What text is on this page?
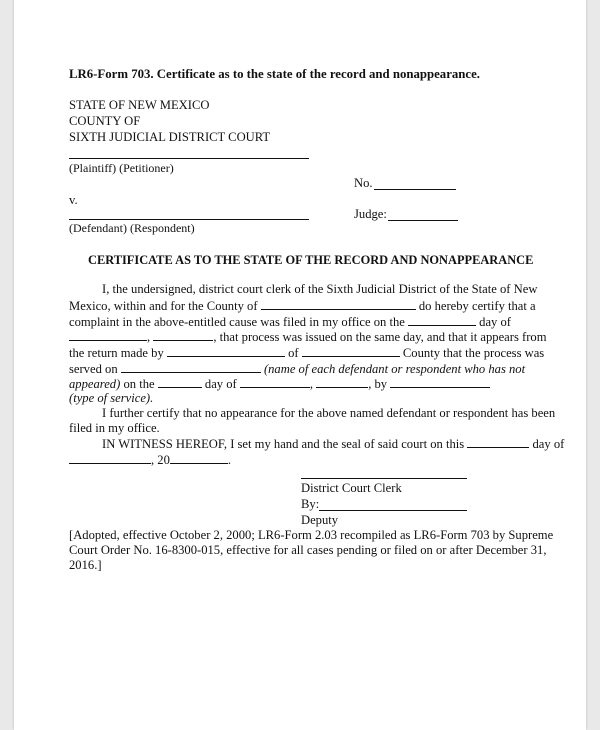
LR6-Form 703. Certificate as to the state of the record and nonappearance.
STATE OF NEW MEXICO
COUNTY OF
SIXTH JUDICIAL DISTRICT COURT
(Plaintiff) (Petitioner)
No.
v.
(Defendant) (Respondent)
Judge:
CERTIFICATE AS TO THE STATE OF THE RECORD AND NONAPPEARANCE
I, the undersigned, district court clerk of the Sixth Judicial District of the State of New
Mexico, within and for the County of	do hereby certify that a
complaint in the above-entitled cause was filed in my office on the	day of
,	, that process was issued on the same day, and that it appears from
the return made by	of	County that the process was
served on	(name of each defendant or respondent who has not
appeared) on the	day of	,	, by
(type of service).
I further certify that no appearance for the above named defendant or respondent has been
filed in my office.
IN WITNESS HEREOF, I set my hand and the seal of said court on this	day of
, 20	.
District Court Clerk
By:
Deputy
[Adopted, effective October 2, 2000; LR6-Form 2.03 recompiled as LR6-Form 703 by Supreme
Court Order No. 16-8300-015, effective for all cases pending or filed on or after December 31,
2016.]
